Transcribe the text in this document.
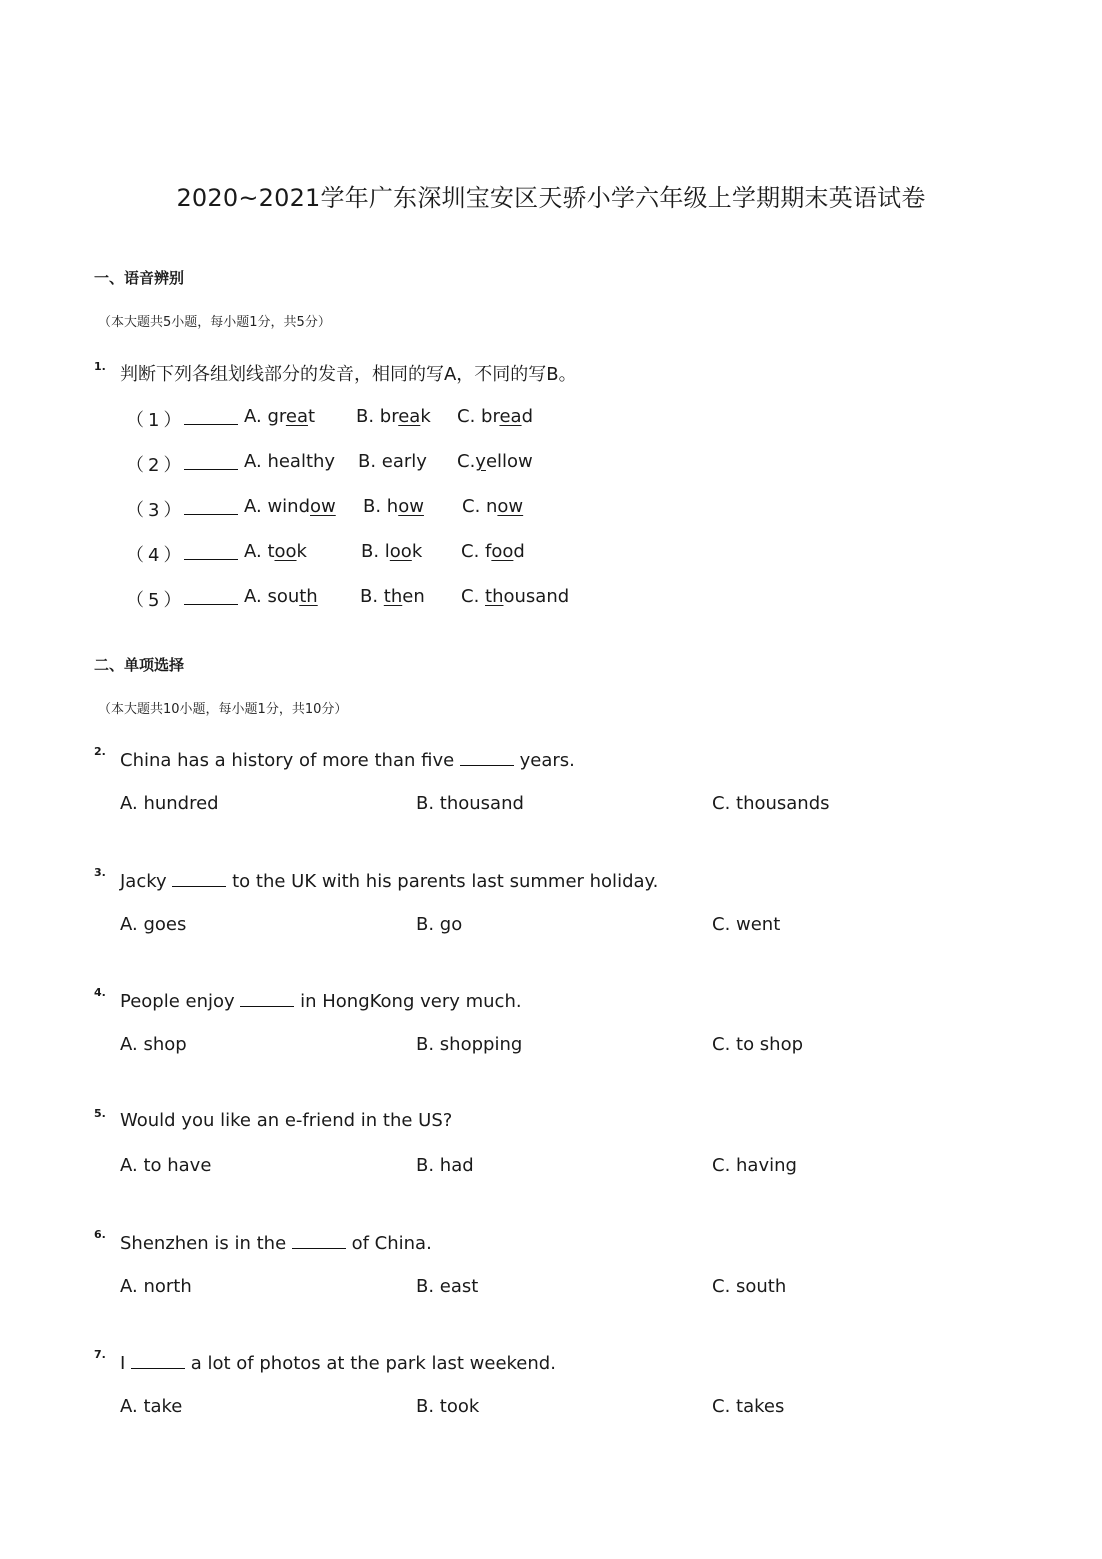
2020~2021学年广东深圳宝安区天骄小学六年级上学期期末英语试卷
一、语音辨别
（本大题共5小题，每小题1分，共5分）
1. 判断下列各组划线部分的发音，相同的写A，不同的写B。
（1）	A. great B. break C. bread
（2）	A. healthy B. early C.yellow
（3）	A. window B. how C. now
（4）	A. took	B. look C. food
（5）	A. south B. then C. thousand
二、单项选择
（本大题共10小题，每小题1分，共10分）
2. China has a history of more than five	years.
A. hundred	B. thousand	C. thousands
3. Jacky	to the UK with his parents last summer holiday.
A. goes	B. go	C. went
4. People enjoy	in HongKong very much.
A. shop	B. shopping	C. to shop
5. Would you like an e-friend in the US?
A. to have	B. had	C. having
6. Shenzhen is in the	of China.
A. north	B. east	C. south
7. I	a lot of photos at the park last weekend.
A. take	B. took	C. takes
